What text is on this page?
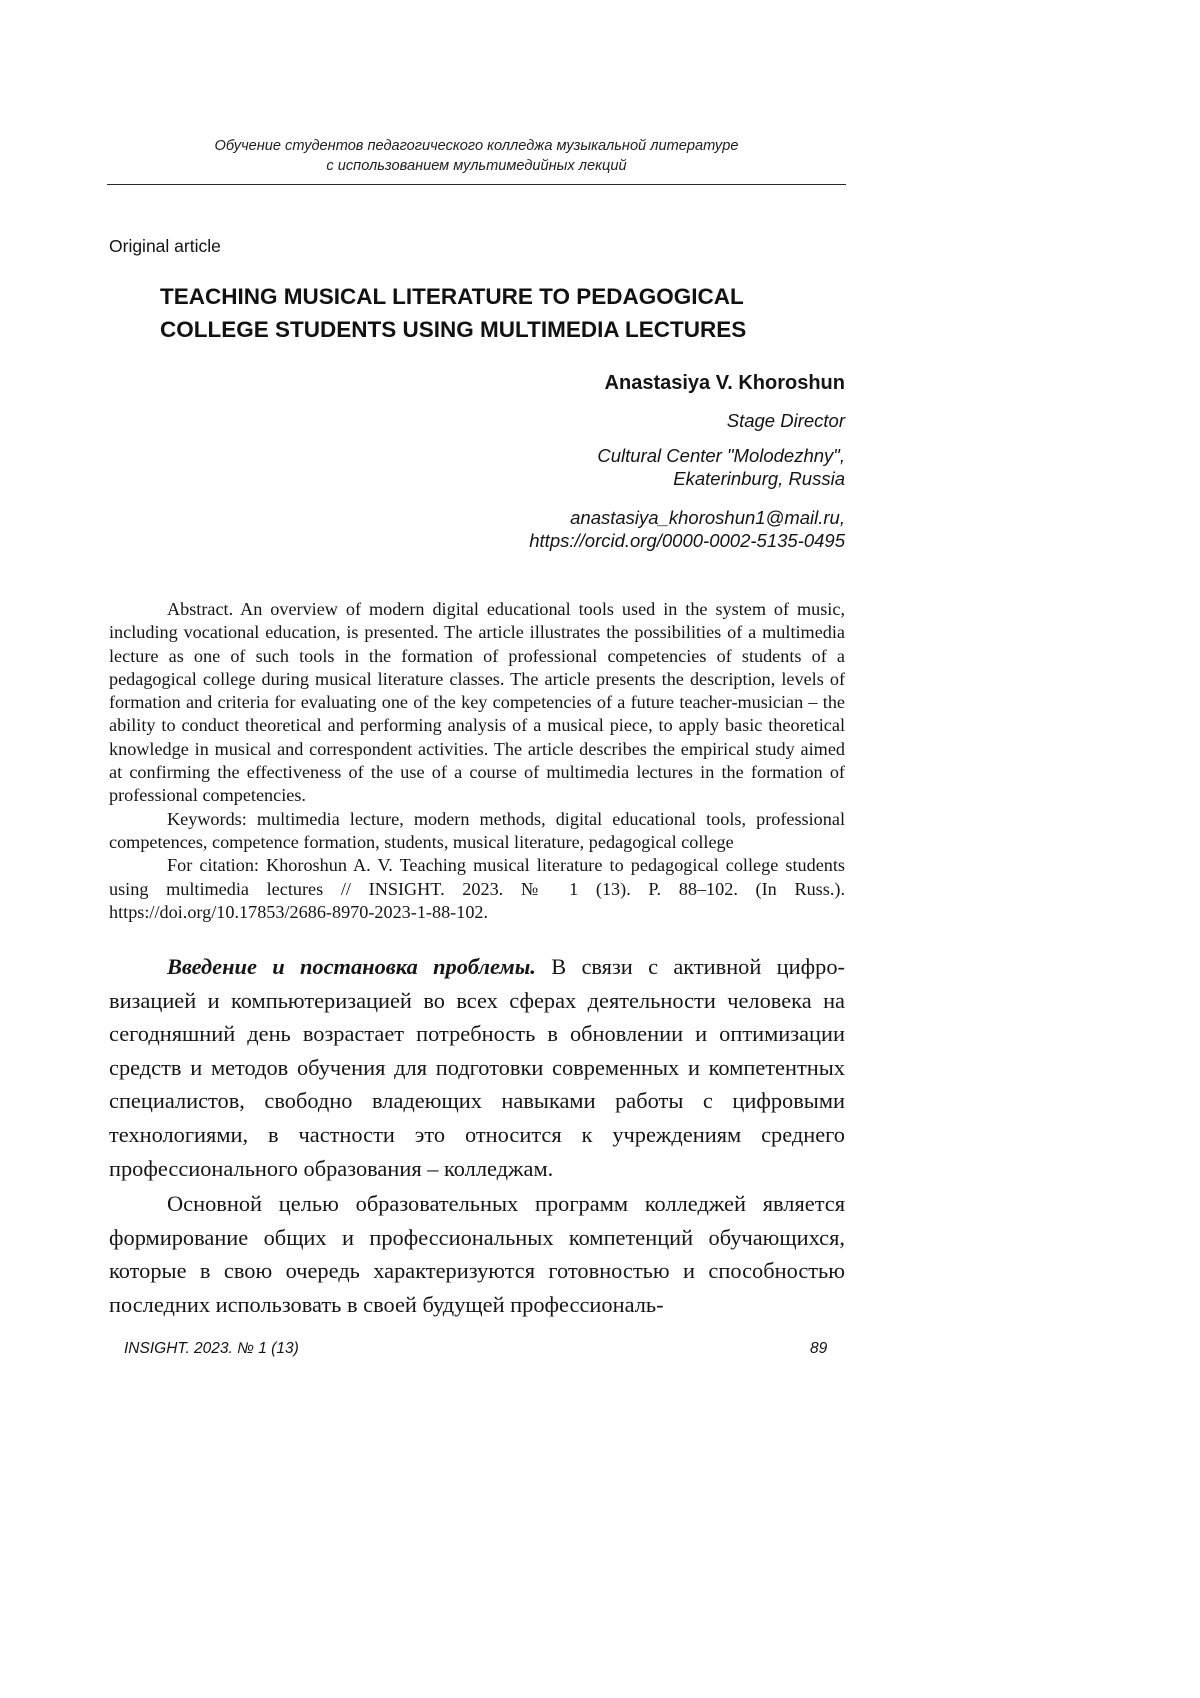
Обучение студентов педагогического колледжа музыкальной литературе
с использованием мультимедийных лекций
Original article
TEACHING MUSICAL LITERATURE TO PEDAGOGICAL
COLLEGE STUDENTS USING MULTIMEDIA LECTURES

Anastasiya V. Khoroshun

Stage Director

Cultural Center "Molodezhny",
Ekaterinburg, Russia

anastasiya_khoroshun1@mail.ru,
https://orcid.org/0000-0002-5135-0495

Abstract. An overview of modern digital educational tools used in the system of music, including vocational education, is presented. The article illustrates the possibilities of a multimedia lecture as one of such tools in the formation of professional competencies of students of a pedagogical college during musical literature classes. The article presents the description, levels of formation and criteria for evaluating one of the key competencies of a future teacher-musician – the ability to conduct theoretical and performing analysis of a musical piece, to apply basic theoretical knowledge in musical and correspondent activities. The article describes the empirical study aimed at confirming the effectiveness of the use of a course of multimedia lectures in the formation of professional competencies.

Keywords: multimedia lecture, modern methods, digital educational tools, professional competences, competence formation, students, musical literature, pedagogical college

For citation: Khoroshun A. V. Teaching musical literature to pedagogical college students using multimedia lectures // INSIGHT. 2023. № 1 (13). P. 88–102. (In Russ.). https://doi.org/10.17853/2686-8970-2023-1-88-102.

Введение и постановка проблемы. В связи с активной цифровизацией и компьютеризацией во всех сферах деятельности человека на сегодняшний день возрастает потребность в обновлении и оптимизации средств и методов обучения для подготовки современных и компетентных специалистов, свободно владеющих навыками работы с цифровыми технологиями, в частности это относится к учреждениям среднего профессионального образования – колледжам.

Основной целью образовательных программ колледжей является формирование общих и профессиональных компетенций обучающихся, которые в свою очередь характеризуются готовностью и способностью последних использовать в своей будущей профессиональ-

INSIGHT. 2023. № 1 (13)	89
